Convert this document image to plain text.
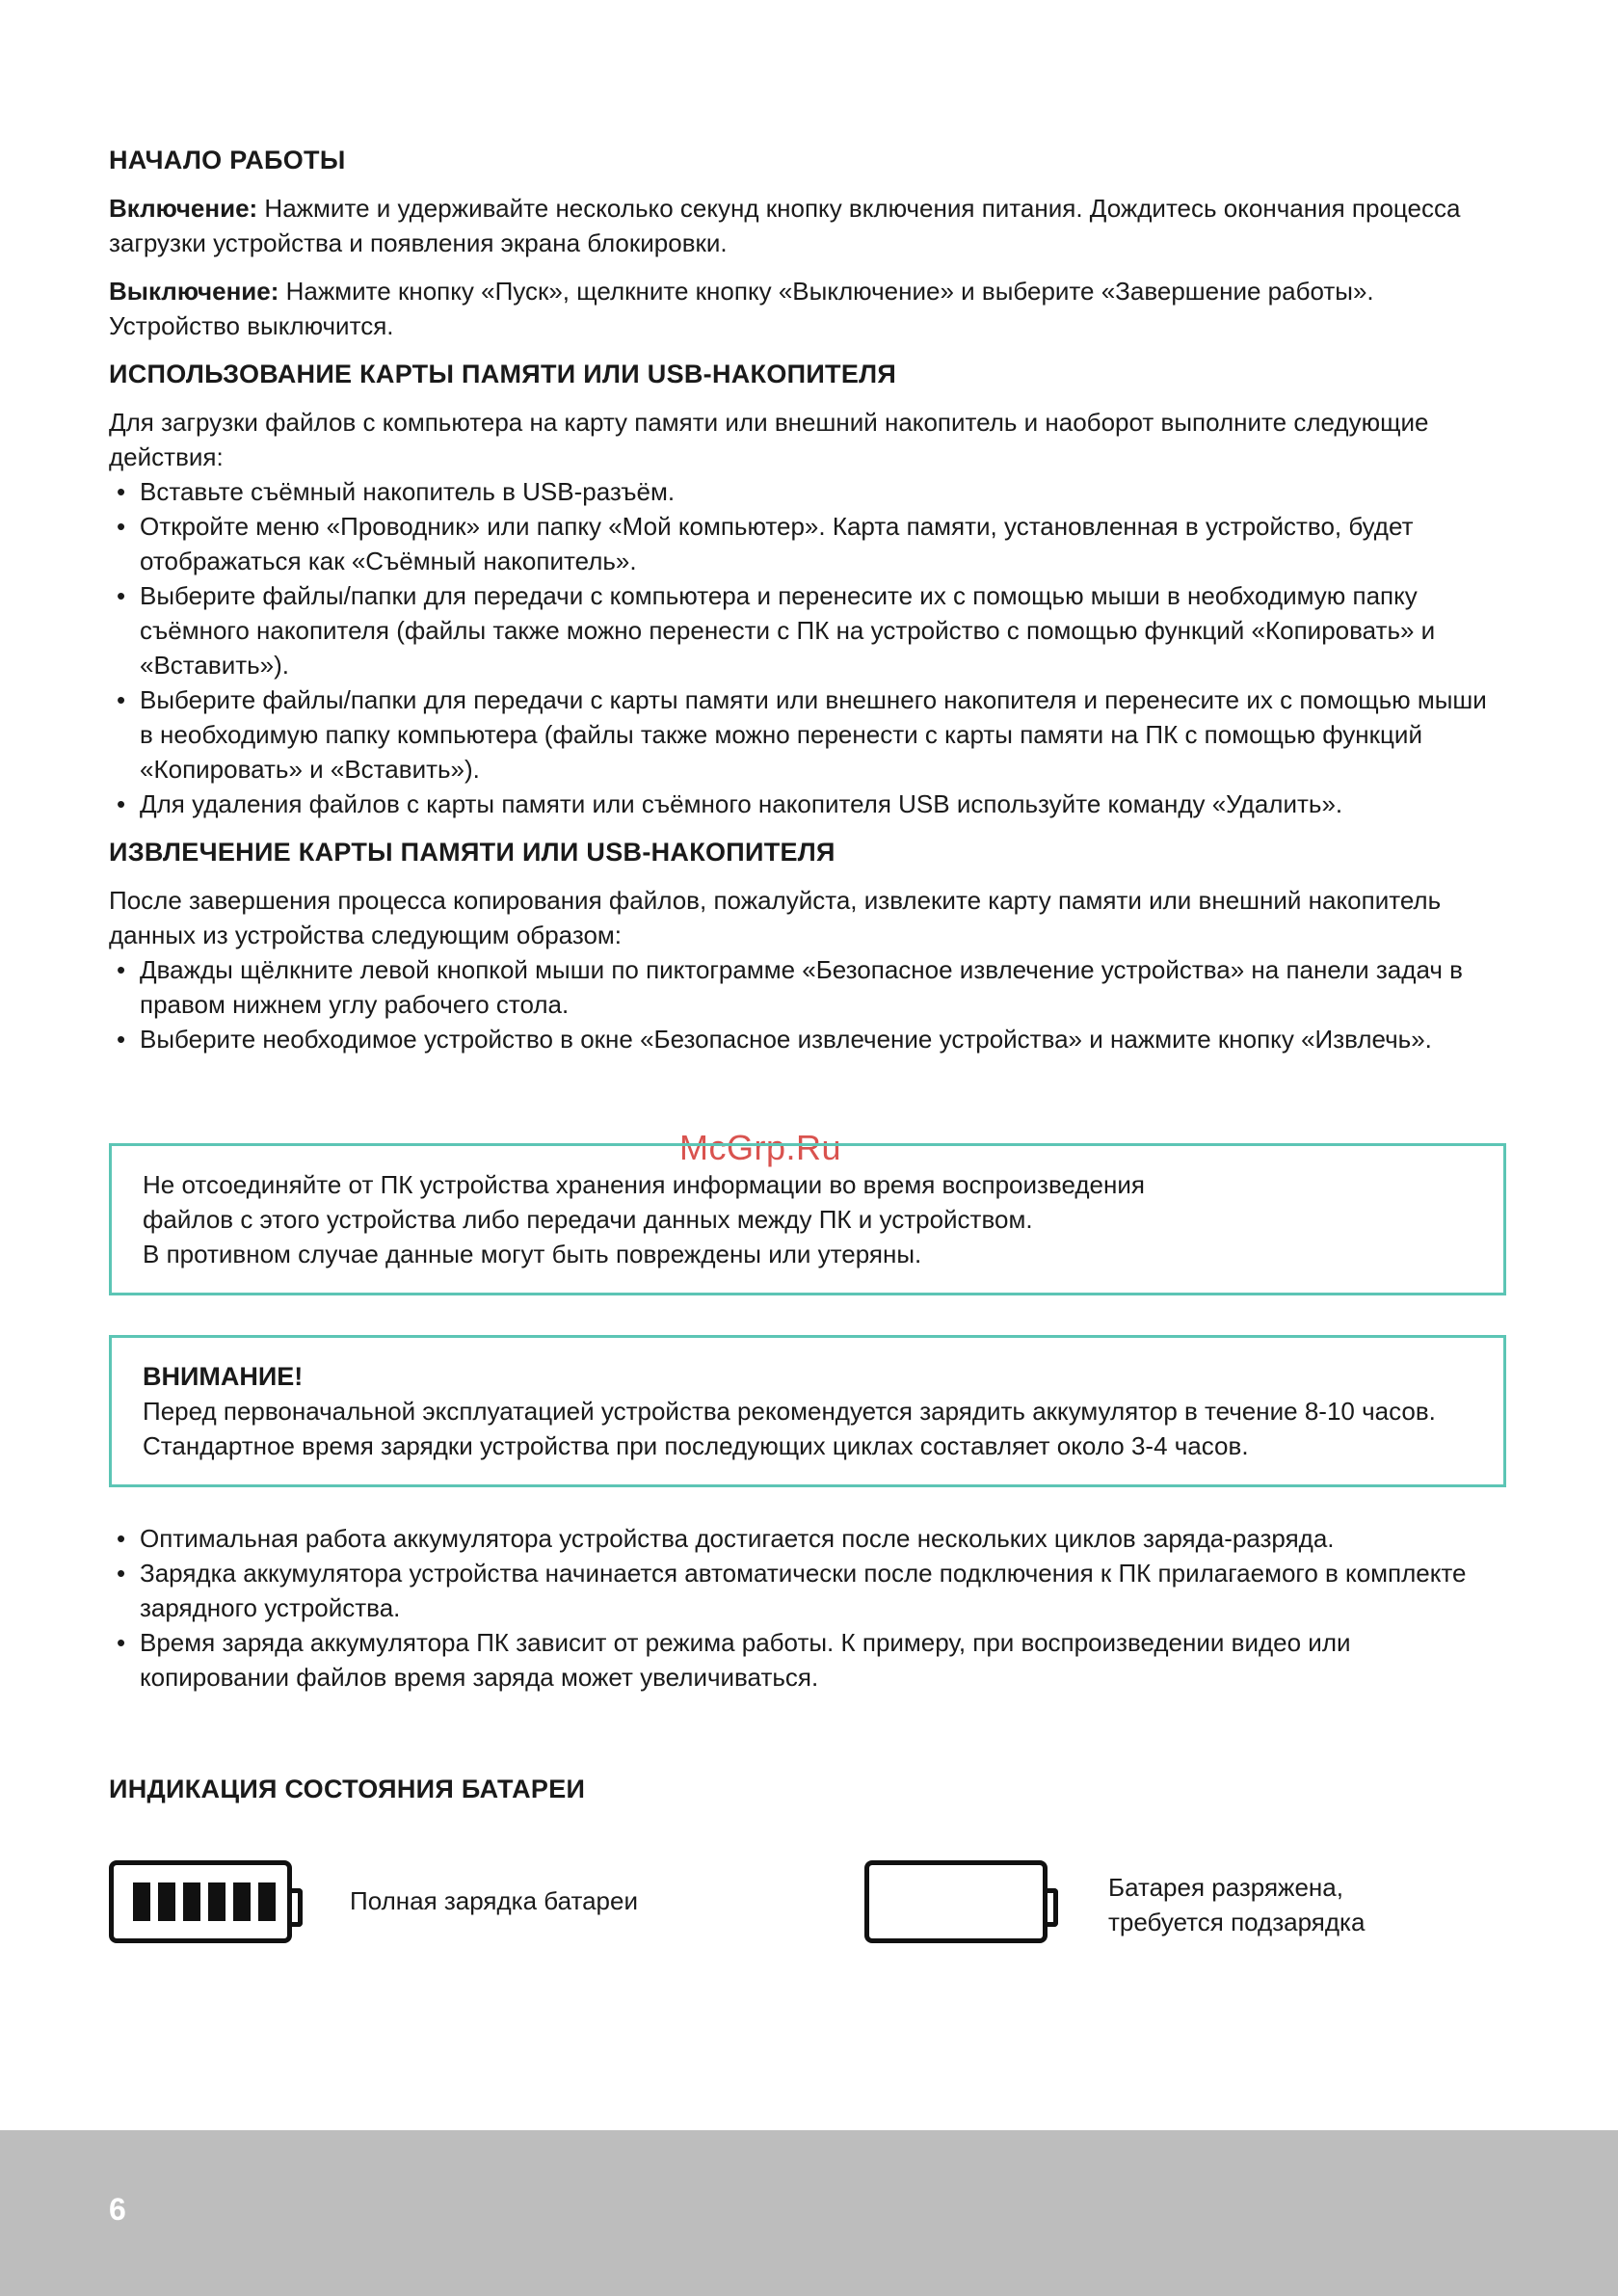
НАЧАЛО РАБОТЫ

Включение: Нажмите и удерживайте несколько секунд кнопку включения питания. Дождитесь окончания процесса загрузки устройства и появления экрана блокировки.

Выключение: Нажмите кнопку «Пуск», щелкните кнопку «Выключение» и выберите «Завершение работы». Устройство выключится.

ИСПОЛЬЗОВАНИЕ КАРТЫ ПАМЯТИ ИЛИ USB-НАКОПИТЕЛЯ

Для загрузки файлов с компьютера на карту памяти или внешний накопитель и наоборот выполните следующие действия:

• Вставьте съёмный накопитель в USB-разъём.
• Откройте меню «Проводник» или папку «Мой компьютер». Карта памяти, установленная в устройство, будет отображаться как «Съёмный накопитель».
• Выберите файлы/папки для передачи с компьютера и перенесите их с помощью мыши в необходимую папку съёмного накопителя (файлы также можно перенести с ПК на устройство с помощью функций «Копировать» и «Вставить»).
• Выберите файлы/папки для передачи с карты памяти или внешнего накопителя и перенесите их с помощью мыши в необходимую папку компьютера (файлы также можно перенести с карты памяти на ПК с помощью функций «Копировать» и «Вставить»).
• Для удаления файлов с карты памяти или съёмного накопителя USB используйте команду «Удалить».
ИЗВЛЕЧЕНИЕ КАРТЫ ПАМЯТИ ИЛИ USB-НАКОПИТЕЛЯ

После завершения процесса копирования файлов, пожалуйста, извлеките карту памяти или внешний накопитель данных из устройства следующим образом:

• Дважды щёлкните левой кнопкой мыши по пиктограмме «Безопасное извлечение устройства» на панели задач в правом нижнем углу рабочего стола.
• Выберите необходимое устройство в окне «Безопасное извлечение устройства» и нажмите кнопку «Извлечь».
McGrp.Ru

Не отсоединяйте от ПК устройства хранения информации во время воспроизведения

файлов с этого устройства либо передачи данных между ПК и устройством.

В противном случае данные могут быть повреждены или утеряны.

ВНИМАНИЕ!

Перед первоначальной эксплуатацией устройства рекомендуется зарядить аккумулятор в течение 8-10 часов. Стандартное время зарядки устройства при последующих циклах составляет около 3-4 часов.

• Оптимальная работа аккумулятора устройства достигается после нескольких циклов заряда-разряда.
• Зарядка аккумулятора устройства начинается автоматически после подключения к ПК прилагаемого в комплекте зарядного устройства.
• Время заряда аккумулятора ПК зависит от режима работы. К примеру, при воспроизведении видео или копировании файлов время заряда может увеличиваться.
ИНДИКАЦИЯ СОСТОЯНИЯ БАТАРЕИ
Полная зарядка батареи	Батарея разряжена,
требуется подзарядка
6
